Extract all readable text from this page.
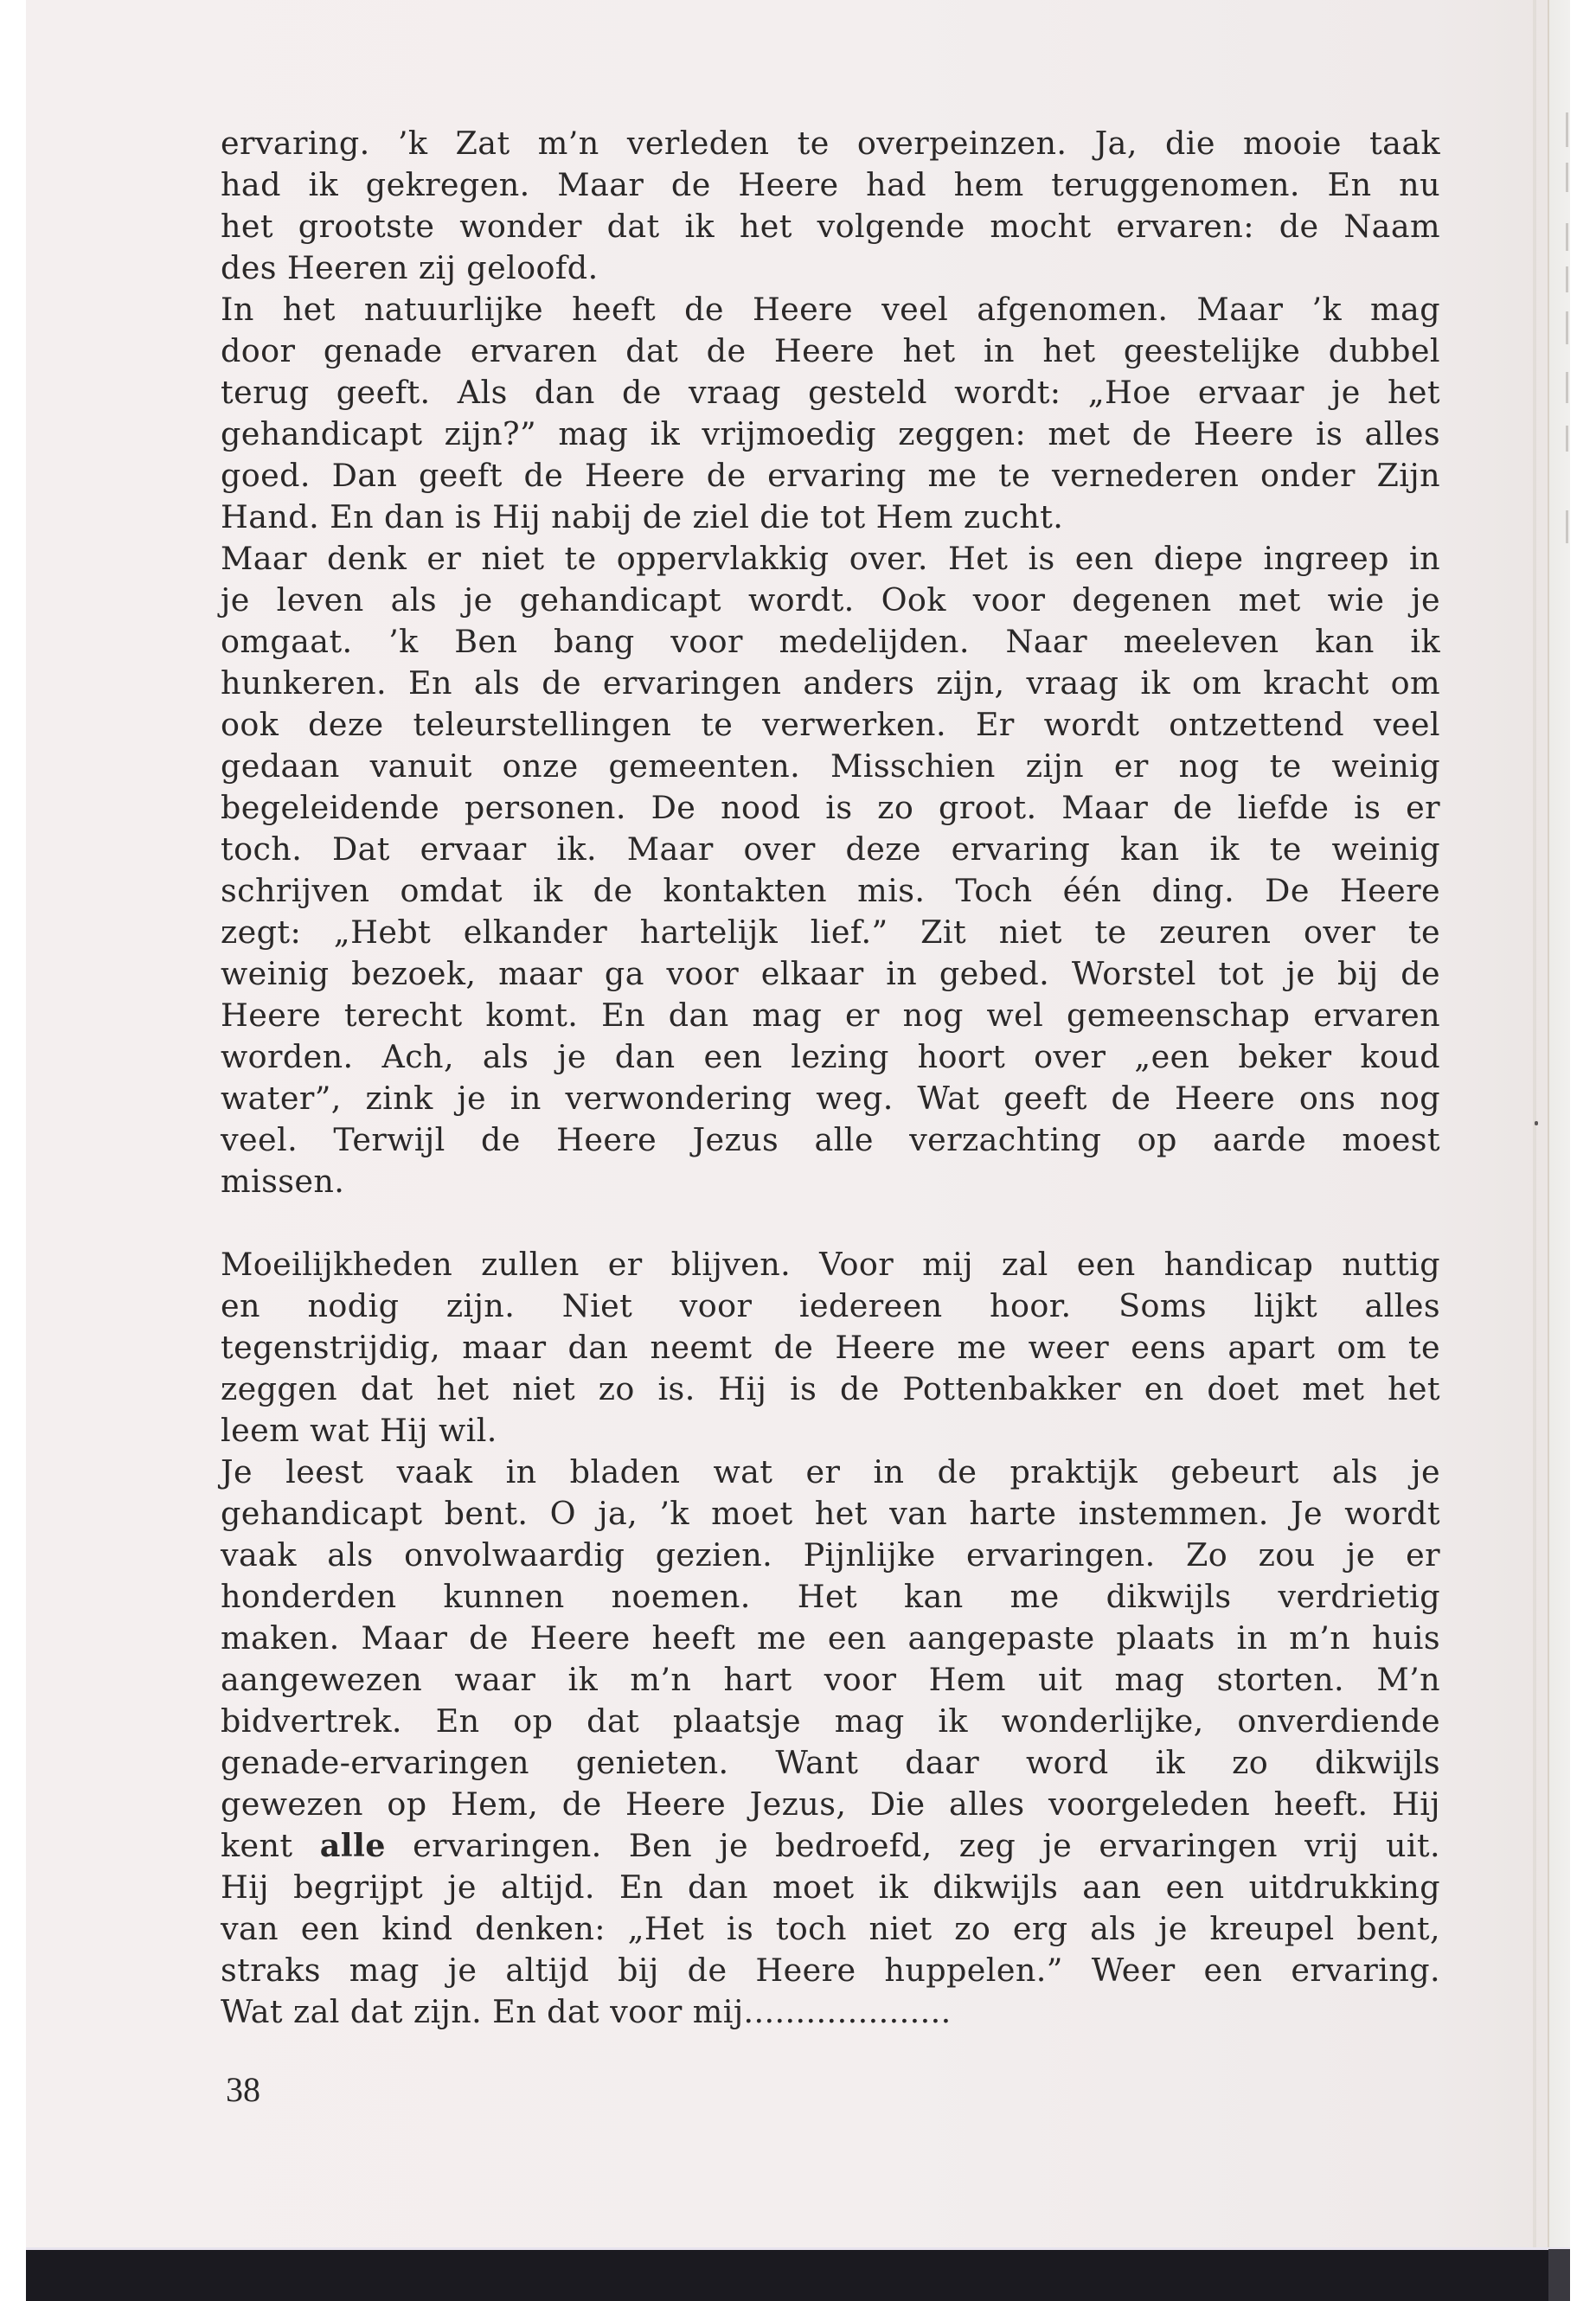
ervaring. ’k Zat m’n verleden te overpeinzen. Ja, die mooie taak
had ik gekregen. Maar de Heere had hem teruggenomen. En nu
het grootste wonder dat ik het volgende mocht ervaren: de Naam
des Heeren zij geloofd.
In het natuurlijke heeft de Heere veel afgenomen. Maar ’k mag
door genade ervaren dat de Heere het in het geestelijke dubbel
terug geeft. Als dan de vraag gesteld wordt: „Hoe ervaar je het
gehandicapt zijn?” mag ik vrijmoedig zeggen: met de Heere is alles
goed. Dan geeft de Heere de ervaring me te vernederen onder Zijn
Hand. En dan is Hij nabij de ziel die tot Hem zucht.
Maar denk er niet te oppervlakkig over. Het is een diepe ingreep in
je leven als je gehandicapt wordt. Ook voor degenen met wie je
omgaat. ’k Ben bang voor medelijden. Naar meeleven kan ik
hunkeren. En als de ervaringen anders zijn, vraag ik om kracht om
ook deze teleurstellingen te verwerken. Er wordt ontzettend veel
gedaan vanuit onze gemeenten. Misschien zijn er nog te weinig
begeleidende personen. De nood is zo groot. Maar de liefde is er
toch. Dat ervaar ik. Maar over deze ervaring kan ik te weinig
schrijven omdat ik de kontakten mis. Toch één ding. De Heere
zegt: „Hebt elkander hartelijk lief.” Zit niet te zeuren over te
weinig bezoek, maar ga voor elkaar in gebed. Worstel tot je bij de
Heere terecht komt. En dan mag er nog wel gemeenschap ervaren
worden. Ach, als je dan een lezing hoort over „een beker koud
water”, zink je in verwondering weg. Wat geeft de Heere ons nog
veel. Terwijl de Heere Jezus alle verzachting op aarde moest
missen.
Moeilijkheden zullen er blijven. Voor mij zal een handicap nuttig
en nodig zijn. Niet voor iedereen hoor. Soms lijkt alles
tegenstrijdig, maar dan neemt de Heere me weer eens apart om te
zeggen dat het niet zo is. Hij is de Pottenbakker en doet met het
leem wat Hij wil.
Je leest vaak in bladen wat er in de praktijk gebeurt als je
gehandicapt bent. O ja, ’k moet het van harte instemmen. Je wordt
vaak als onvolwaardig gezien. Pijnlijke ervaringen. Zo zou je er
honderden kunnen noemen. Het kan me dikwijls verdrietig
maken. Maar de Heere heeft me een aangepaste plaats in m’n huis
aangewezen waar ik m’n hart voor Hem uit mag storten. M’n
bidvertrek. En op dat plaatsje mag ik wonderlijke, onverdiende
genade-ervaringen genieten. Want daar word ik zo dikwijls
gewezen op Hem, de Heere Jezus, Die alles voorgeleden heeft. Hij
kent alle ervaringen. Ben je bedroefd, zeg je ervaringen vrij uit.
Hij begrijpt je altijd. En dan moet ik dikwijls aan een uitdrukking
van een kind denken: „Het is toch niet zo erg als je kreupel bent,
straks mag je altijd bij de Heere huppelen.” Weer een ervaring.
Wat zal dat zijn. En dat voor mij....................
38
